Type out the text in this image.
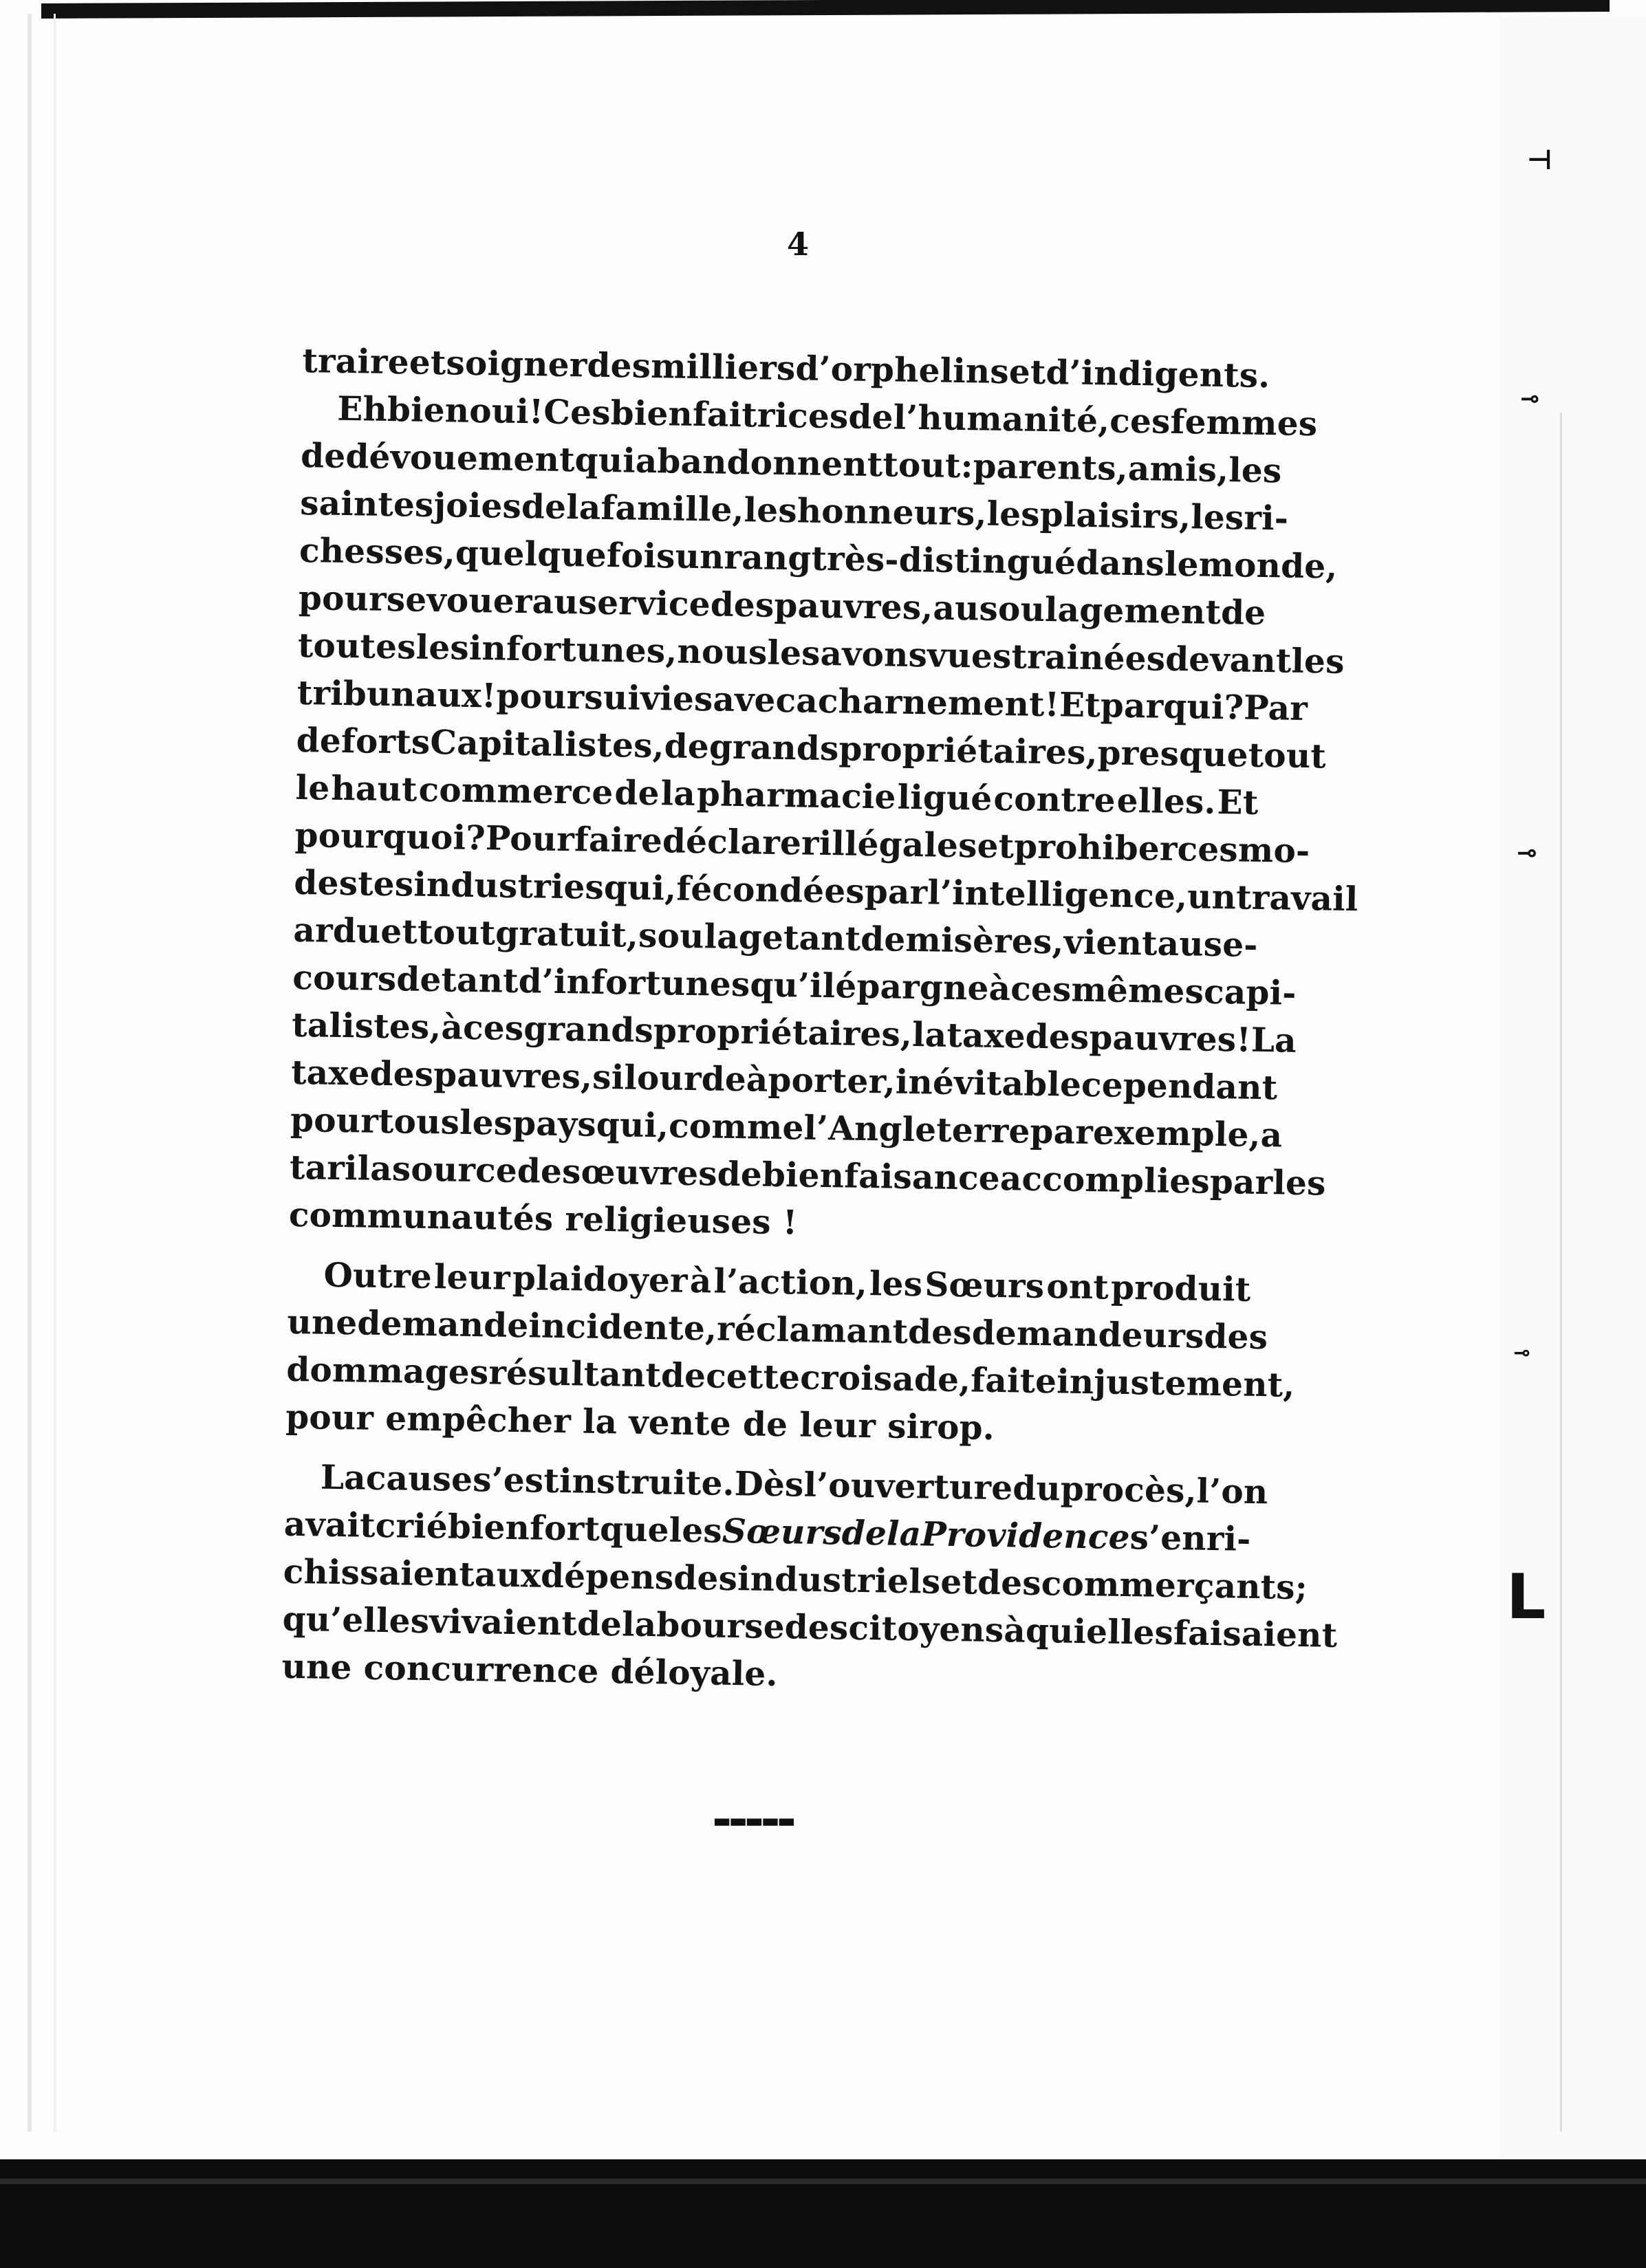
⊣
⊸
⊸
⊸
L
4
traire et soigner des milliers d’orphelins et d’indigents.
Eh bien oui ! Ces bienfaitrices de l’humanité, ces femmes
de dévouement qui abandonnent tout : parents, amis, les
saintes joies de la famille, les honneurs, les plaisirs, les ri-
chesses, quelquefois un rang très-distingué dans le monde,
pour se vouer au service des pauvres, au soulagement de
toutes les infortunes, nous les avons vues trainées devant les
tribunaux ! poursuivies avec acharnement ! Et par qui ? Par
de forts Capitalistes, de grands propriétaires, presque tout
le haut commerce de la pharmacie ligué contre elles. Et
pourquoi ? Pour faire déclarer illégales et prohiber ces mo-
destes industries qui, fécondées par l’intelligence, un travail
ardu et tout gratuit, soulage tant de misères, vient au se-
cours de tant d’infortunes qu’il épargne à ces mêmes capi-
talistes, à ces grands propriétaires, la taxe des pauvres ! La
taxe des pauvres, si lourde à porter, inévitable cependant
pour tous les pays qui, comme l’Angleterre par exemple, a
tari la source des œuvres de bienfaisance accomplies par les
communautés religieuses !
Outre leur plaidoyer à l’action, les Sœurs ont produit
une demande incidente, réclamant des demandeurs des
dommages résultant de cette croisade, faite injustement,
pour empêcher la vente de leur sirop.
La cause s’est instruite. Dès l’ouverture du procès, l’on
avait crié bien fort que les Sœurs de la Providence s’enri-
chissaient aux dépens des industriels et des commerçants ;
qu’elles vivaient de la bourse des citoyens à qui elles faisaient
une concurrence déloyale.
▬▬▬▬▬
